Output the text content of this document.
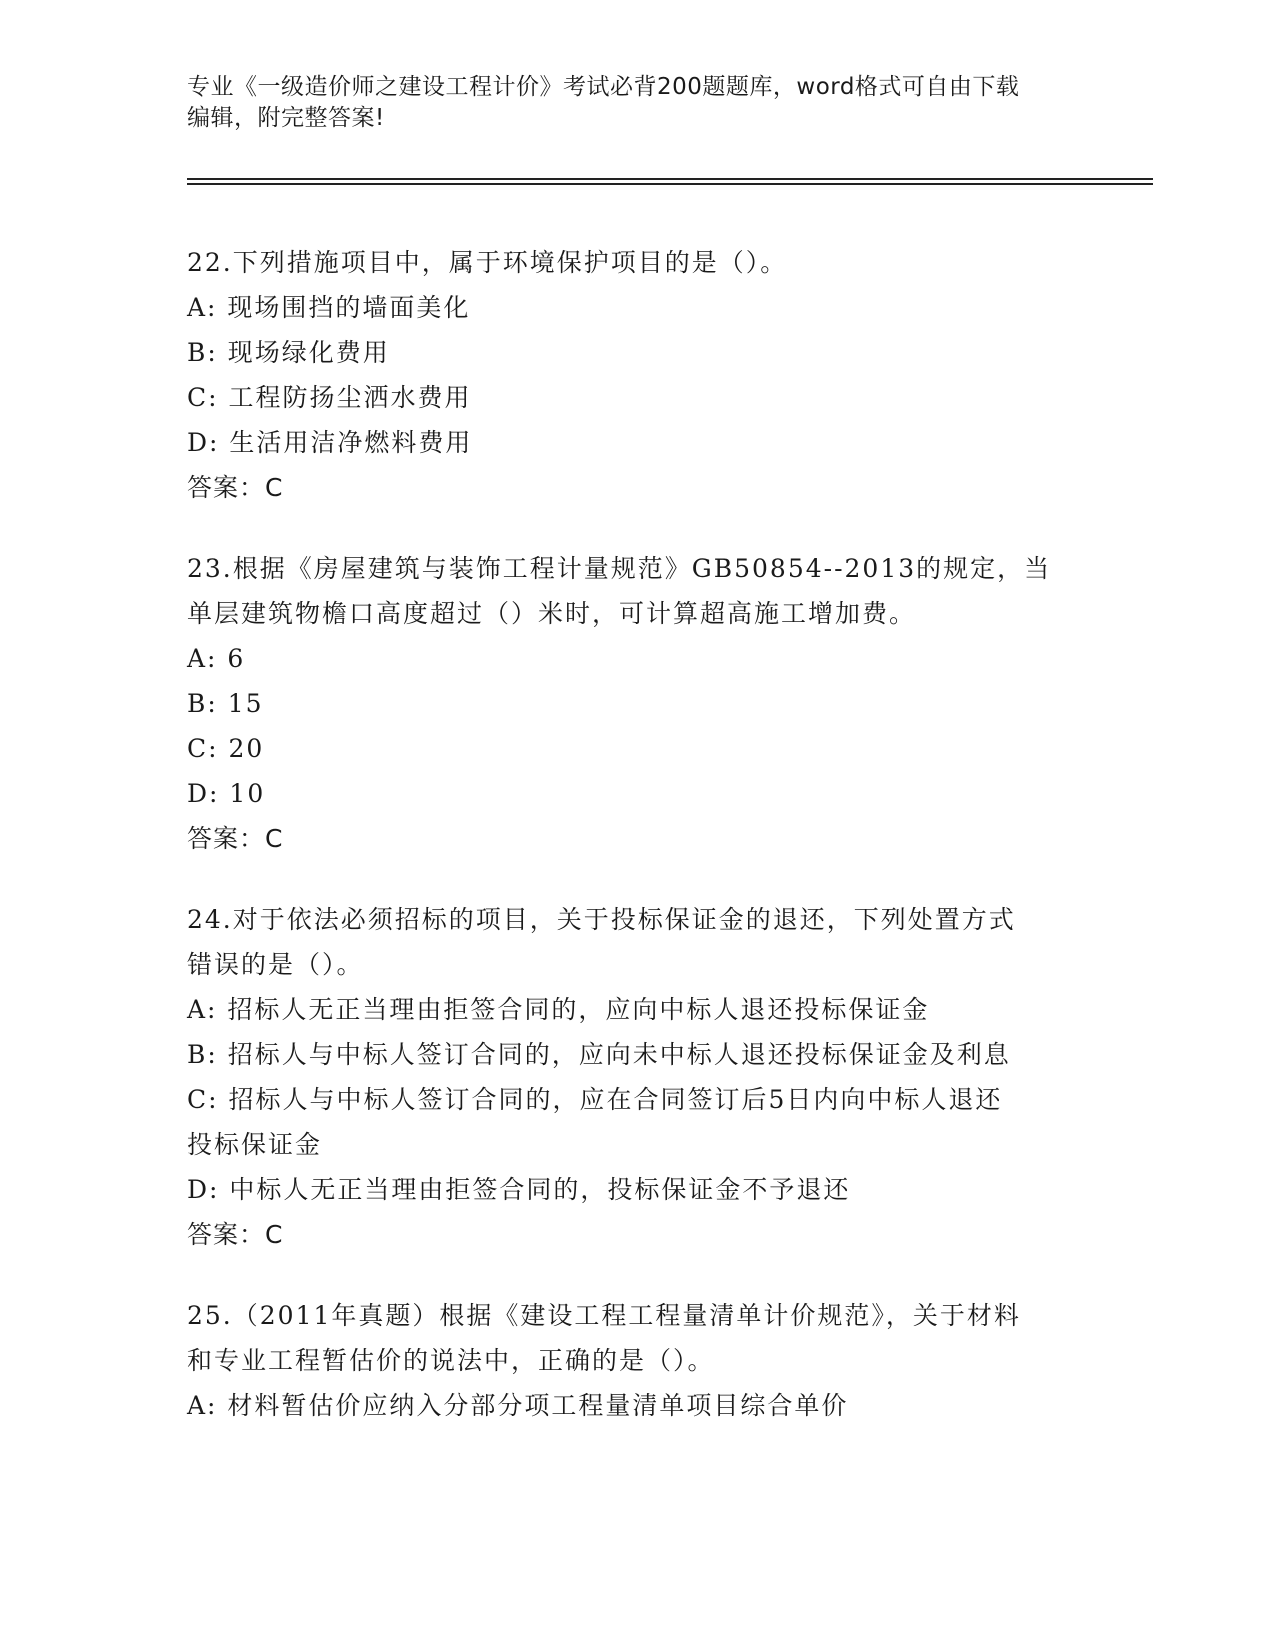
专业《一级造价师之建设工程计价》考试必背200题题库，word格式可自由下载
编辑，附完整答案!
22.下列措施项目中，属于环境保护项目的是（）。
A: 现场围挡的墙面美化
B: 现场绿化费用
C: 工程防扬尘洒水费用
D: 生活用洁净燃料费用
答案：C
23.根据《房屋建筑与装饰工程计量规范》GB50854--2013的规定，当
单层建筑物檐口高度超过（）米时，可计算超高施工增加费。
A: 6
B: 15
C: 20
D: 10
答案：C
24.对于依法必须招标的项目，关于投标保证金的退还，下列处置方式
错误的是（）。
A: 招标人无正当理由拒签合同的，应向中标人退还投标保证金
B: 招标人与中标人签订合同的，应向未中标人退还投标保证金及利息
C: 招标人与中标人签订合同的，应在合同签订后5日内向中标人退还
投标保证金
D: 中标人无正当理由拒签合同的，投标保证金不予退还
答案：C
25.（2011年真题）根据《建设工程工程量清单计价规范》，关于材料
和专业工程暂估价的说法中，正确的是（）。
A: 材料暂估价应纳入分部分项工程量清单项目综合单价
